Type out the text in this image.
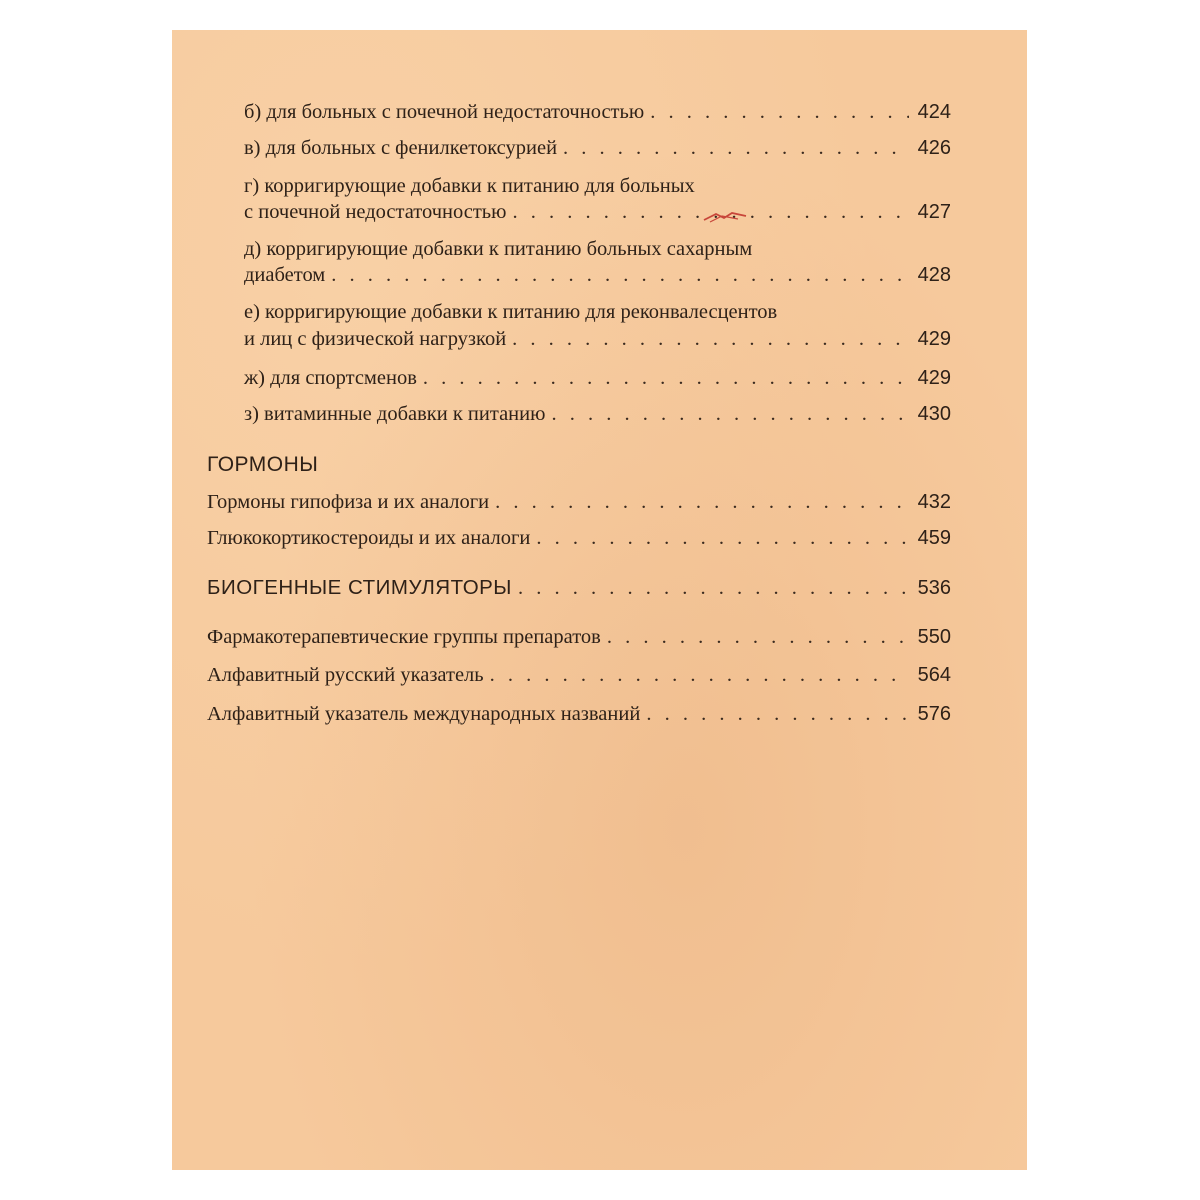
б) для больных с почечной недостаточностью . . .	424
в) для больных с фенилкетоксурией . . .	426
г) корригирующие добавки к питанию для больных
с почечной недостаточностью . . .	427
д) корригирующие добавки к питанию больных сахарным
диабетом . . .	428
е) корригирующие добавки к питанию для реконвалесцентов
и лиц с физической нагрузкой . . .	429
ж) для спортсменов . . .	429
з) витаминные добавки к питанию . . .	430
ГОРМОНЫ
Гормоны гипофиза и их аналоги . . .	432
Глюкокортикостероиды и их аналоги . . .	459
БИОГЕННЫЕ СТИМУЛЯТОРЫ . . .	536
Фармакотерапевтические группы препаратов . . .	550
Алфавитный русский указатель . . .	564
Алфавитный указатель международных названий . . .	576
